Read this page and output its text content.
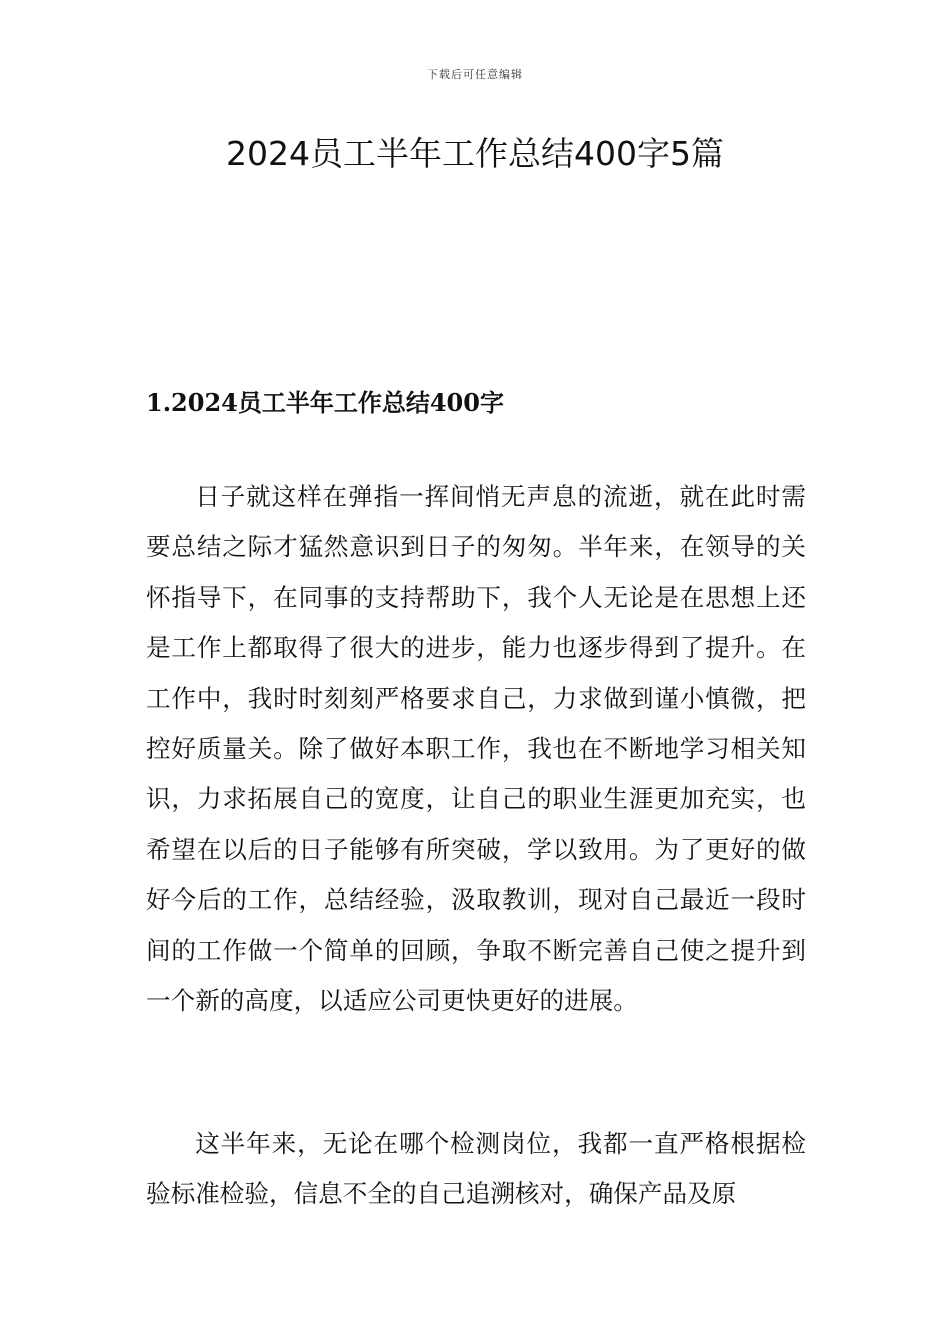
下载后可任意编辑
2024员工半年工作总结400字5篇
1.2024员工半年工作总结400字

日子就这样在弹指一挥间悄无声息的流逝，就在此时需要总结之际才猛然意识到日子的匆匆。半年来，在领导的关怀指导下，在同事的支持帮助下，我个人无论是在思想上还是工作上都取得了很大的进步，能力也逐步得到了提升。在工作中，我时时刻刻严格要求自己，力求做到谨小慎微，把控好质量关。除了做好本职工作，我也在不断地学习相关知识，力求拓展自己的宽度，让自己的职业生涯更加充实，也希望在以后的日子能够有所突破，学以致用。为了更好的做好今后的工作，总结经验，汲取教训，现对自己最近一段时间的工作做一个简单的回顾，争取不断完善自己使之提升到一个新的高度，以适应公司更快更好的进展。

这半年来，无论在哪个检测岗位，我都一直严格根据检验标准检验，信息不全的自己追溯核对，确保产品及原
